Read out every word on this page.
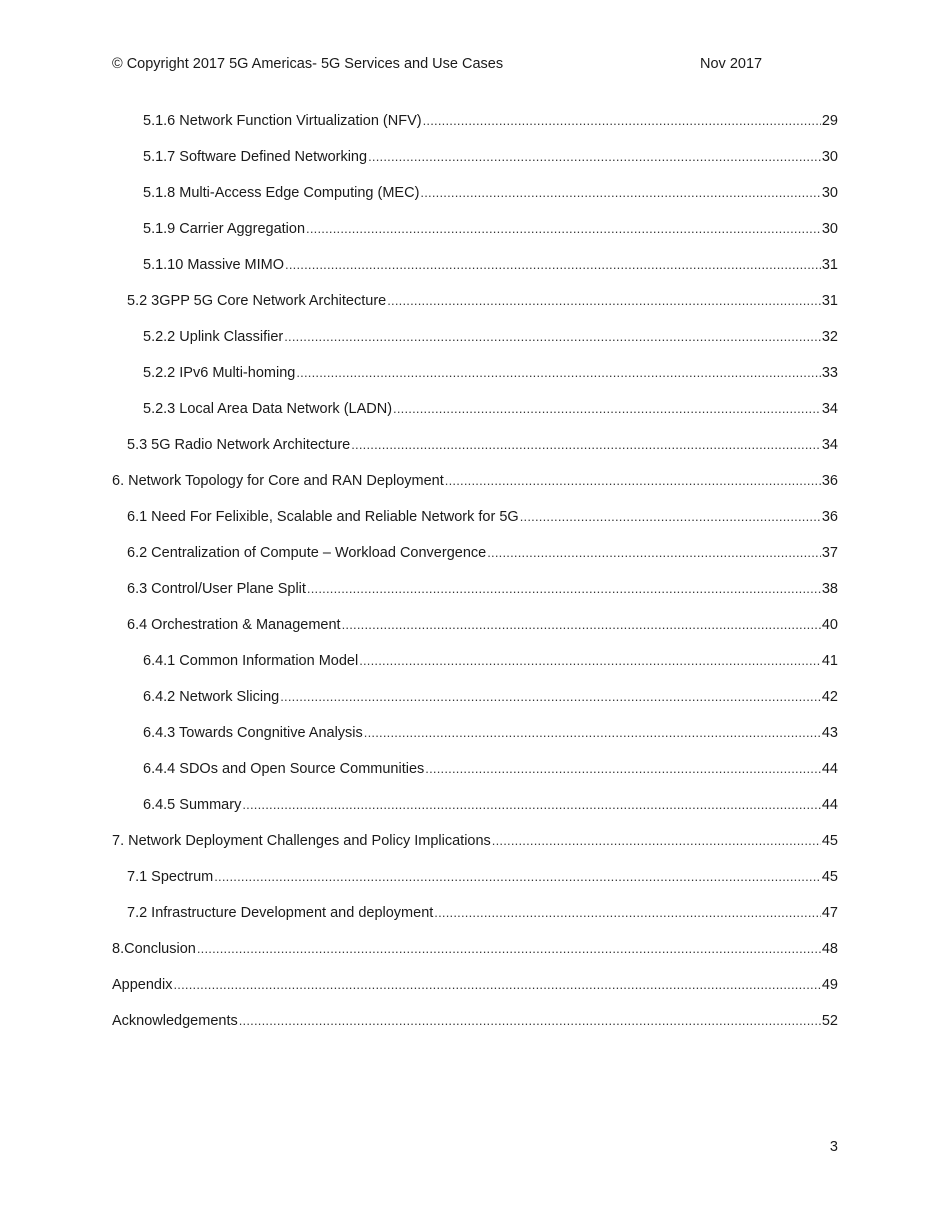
© Copyright 2017 5G Americas- 5G Services and Use Cases	Nov 2017
5.1.6 Network Function Virtualization (NFV) .....	29
5.1.7 Software Defined Networking .....	30
5.1.8 Multi-Access Edge Computing (MEC) .....	30
5.1.9 Carrier Aggregation .....	30
5.1.10 Massive MIMO .....	31
5.2 3GPP 5G Core Network Architecture .....	31
5.2.2 Uplink Classifier .....	32
5.2.2 IPv6 Multi-homing .....	33
5.2.3 Local Area Data Network (LADN) .....	34
5.3 5G Radio Network Architecture .....	34
6. Network Topology for Core and RAN Deployment .....	36
6.1 Need For Felixible, Scalable and Reliable Network for 5G .....	36
6.2 Centralization of Compute – Workload Convergence .....	37
6.3 Control/User Plane Split .....	38
6.4 Orchestration & Management .....	40
6.4.1 Common Information Model .....	41
6.4.2 Network Slicing .....	42
6.4.3 Towards Congnitive Analysis .....	43
6.4.4 SDOs and Open Source Communities .....	44
6.4.5 Summary .....	44
7. Network Deployment Challenges and Policy Implications .....	45
7.1 Spectrum .....	45
7.2 Infrastructure Development and deployment .....	47
8.Conclusion .....	48
Appendix .....	49
Acknowledgements .....	52
3
